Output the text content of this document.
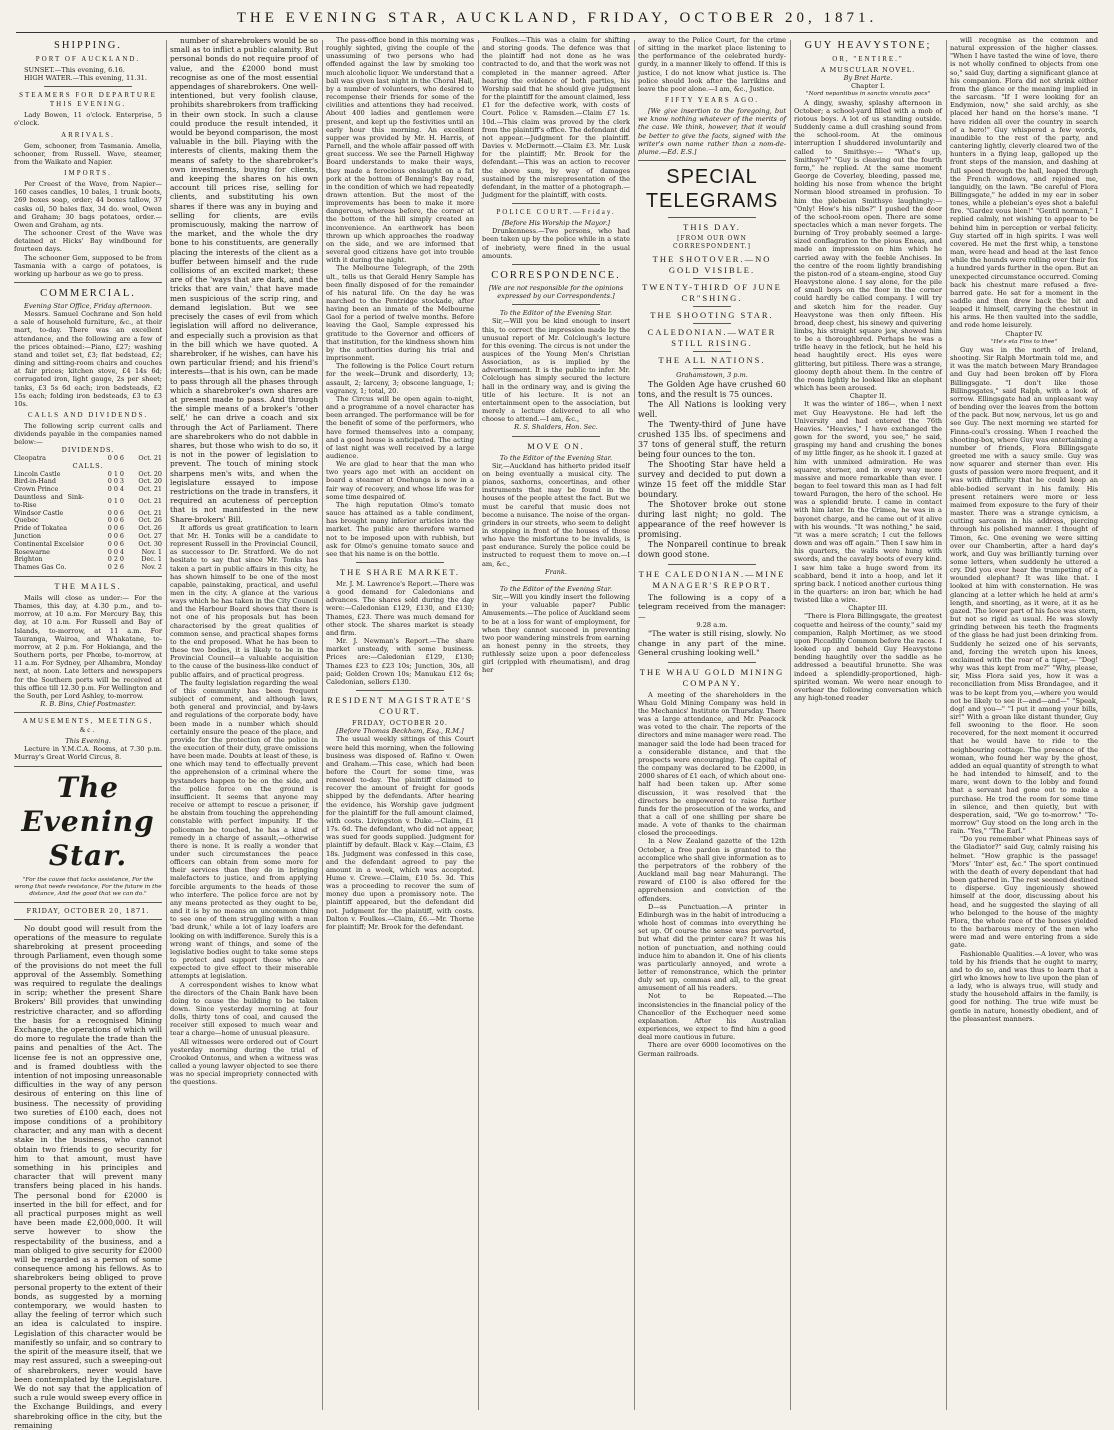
THE EVENING STAR, AUCKLAND, FRIDAY, OCTOBER 20, 1871.
SHIPPING.
PORT OF AUCKLAND.
SUNSET.—This evening, 6.16.
HIGH WATER.—This evening, 11.31.
STEAMERS FOR DEPARTURE THIS EVENING.
Lady Bowen, 11 o'clock. Enterprise, 5 o'clock.
ARRIVALS.
Gem, schooner, from Tasmania. Amelia, schooner, from Russell. Wave, steamer, from the Waikato and Napier.
IMPORTS.
Per Creest of the Wave, from Napier—160 cases candles, 10 bales, 1 trunk boots, 269 boxes soap, order; 44 boxes tallow, 37 casks oil, 50 bales flax, 34 do. wool, Owen and Graham; 30 bags potatoes, order.—Owen and Graham, ag nts.
The schooner Crest of the Wave was detained at Hicks' Bay windbound for fourteen days.
The schooner Gem, supposed to be from Tasmania with a cargo of potatoes, is working up harbour as we go to press.
COMMERCIAL.
Evening Star Office, Friday afternoon.
Messrs. Samuel Cochrane and Son held a sale of household furniture, &c., at their mart, to-day. There was an excellent attendance, and the following are a few of the prices obtained:—Piano, £27; washing stand and toilet set, £3; flat bedstead, £2; dining and sitting-room chairs and couches at fair prices; kitchen stove, £4 14s 6d; corrugated iron, light gauge, 2s per sheet; tanks, £3 5s 6d each; iron bedsteads, £2 15s each; folding iron bedsteads, £3 to £3 10s.
CALLS AND DIVIDENDS.
The following scrip current calls and dividends payable in the companies named below:—
DIVIDENDS.
Cleopatra	0 0 6	Oct. 21
CALLS.
Lincoln Castle	0 1 0	Oct. 20
Bird-in-Hand	0 0 3	Oct. 20
Crown Prince	0 0 4	Oct. 21
Dauntless and Sink-to-Rise	0 1 0	Oct. 21
Windsor Castle	0 0 6	Oct. 21
Quebec	0 0 6	Oct. 26
Pride of Tokatea	0 0 6	Oct. 26
Junction	0 0 6	Oct. 27
Continental Excelsior	0 0 6	Oct. 30
Rosewarne	0 0 4	Nov. 1
Brighton	0 2 0	Dec. 1
Thames Gas Co.	0 2 6	Nov. 2
THE MAILS.
Mails will close as under:— For the Thames, this day, at 4.30 p.m., and to-morrow, at 10 a.m. For Mercury Bay, this day, at 10 a.m. For Russell and Bay of Islands, to-morrow, at 11 a.m. For Tauranga, Wairoa, and Whakatane, to-morrow, at 2 p.m. For Hokianga, and the Southern ports, per Phœbe, to-morrow, at 11 a.m. For Sydney, per Alhambra, Monday next, at noon. Late letters and newspapers for the Southern ports will be received at this office till 12.30 p.m. For Wellington and the South, per Lord Ashley, to-morrow.
R. B. Bins, Chief Postmaster.
AMUSEMENTS, MEETINGS, &c.
This Evening.
Lecture in Y.M.C.A. Rooms, at 7.30 p.m. Murray's Great World Circus, 8.
The Evening Star.
"For the cause that lacks assistance, For the wrong that needs resistance, For the future in the distance, And the good that we can do."
FRIDAY, OCTOBER 20, 1871.
No doubt good will result from the operations of the measure to regulate sharebroking at present proceeding through Parliament, even though some of the provisions do not meet the full approval of the Assembly. Something was required to regulate the dealings in scrip; whether the present Share Brokers' Bill provides that unwinding restrictive character, and so affording the basis for a recognised Mining Exchange, the operations of which will do more to regulate the trade than the pains and penalties of the Act. The license fee is not an oppressive one, and is framed doubtless with the intention of not imposing unreasonable difficulties in the way of any person desirous of entering on this line of business. The necessity of providing two sureties of £100 each, does not impose conditions of a prohibitory character, and any man with a decent stake in the business, who cannot obtain two friends to go security for him to that amount, must have something in his principles and character that will prevent many transfers being placed in his hands. The personal bond for £2000 is inserted in the bill for effect, and for all practical purposes might as well have been made £2,000,000. It will serve however to show the respectability of the business, and a man obliged to give security for £2000 will be regarded as a person of some consequence among his fellows. As to sharebrokers being obliged to prove personal property to the extent of their bonds, as suggested by a morning contemporary, we would hasten to allay the feeling of terror which such an idea is calculated to inspire. Legislation of this character would be manifestly so unfair, and so contrary to the spirit of the measure itself, that we may rest assured, such a sweeping-out of sharebrokers, never would have been contemplated by the Legislature. We do not say that the application of such a rule would sweep every office in the Exchange Buildings, and every sharebroking office in the city, but the remaining
number of sharebrokers would be so small as to inflict a public calamity. But personal bonds do not require proof of value, and the £2000 bond must recognise as one of the most essential appendages of sharebrokers. One well-intentioned, but very foolish clause, prohibits sharebrokers from trafficking in their own stock. In such a clause could produce the result intended, it would be beyond comparison, the most valuable in the bill. Playing with the interests of clients, making them the means of safety to the sharebroker's own investments, buying for clients, and keeping the shares on his own account till prices rise, selling for clients, and substituting his own shares if there was any in buying and selling for clients, are evils promiscuously, making the narrow of the market, and the whole the dry bone to his constituents, are generally placing the interests of the client as a buffer between himself and the rude collisions of an excited market; these are of the 'ways that are dark, and the tricks that are vain,' that have made men suspicious of the scrip ring, and demand legislation. But we see precisely the cases of evil from which legislation will afford no deliverance, and especially such a provision as that in the bill which we have quoted. A sharebroker, if he wishes, can have his own particular friend; and his friend's interests—that is his own, can be made to pass through all the phases through which a sharebroker's own shares are at present made to pass. And through the simple means of a broker's 'other self,' he can drive a coach and six through the Act of Parliament. There are sharebrokers who do not dabble in shares, but those who wish to do so, it is not in the power of legislation to prevent. The touch of mining stock sharpens men's wits, and when the legislature essayed to impose restrictions on the trade in transfers, it required an acuteness of perception that is not manifested in the new Share-brokers' Bill.
It affords us great gratification to learn that Mr. H. Tonks will be a candidate to represent Russell in the Provincial Council, as successor to Dr. Stratford. We do not hesitate to say that since Mr. Tonks has taken a part in public affairs in this city, he has shown himself to be one of the most capable, painstaking, practical, and useful men in the city. A glance at the various ways which he has taken in the City Council and the Harbour Board shows that there is not one of his proposals but has been characterised by the great qualities of common sense, and practical shapes forms to the end proposed. What he has been to these two bodies, it is likely to be in the Provincial Council—a valuable acquisition to the cause of the business-like conduct of public affairs, and of practical progress.
The faulty legislation regarding the weal of this community has been frequent subject of comment, and although laws, both general and provincial, and by-laws and regulations of the corporate body, have been made in a number which should certainly ensure the peace of the place, and provide for the protection of the police in the execution of their duty, grave omissions have been made. Doubts at least of these, is one which may tend to effectually prevent the apprehension of a criminal where the bystanders happen to be on the side, and the police force on the ground is insufficient. It seems that anyone may receive or attempt to rescue a prisoner, if he abstain from touching the apprehending constable with perfect impunity. If the policeman be touched, he has a kind of remedy in a charge of assault,—otherwise there is none. It is really a wonder that under such circumstances the peace officers can obtain from some more for their services than they do in bringing malefactors to justice, and from applying forcible arguments to the heads of those who interfere. The police force are not by any means protected as they ought to be, and it is by no means an uncommon thing to see one of them struggling with a man 'bad drunk,' while a lot of lazy loafers are looking on with indifference. Surely this is a wrong want of things, and some of the legislative bodies ought to take some steps to protect and support those who are expected to give effect to their miserable attempts at legislation.
A correspondent wishes to know what the directors of the Chain Bank have been doing to cause the building to be taken down. Since yesterday morning at four dolls, thirty tons of coal, and caused the receiver still exposed to much wear and tear a charge—home of unusual pleasure.
All witnesses were ordered out of Court yesterday morning during the trial of Crooked Ontonus, and when a witness was called a young lawyer objected to see there was no special impropriety connected with the questions.
The pass-office bond in this morning was roughly sighted, giving the couple of the unassuming of two persons who had offended against the law by smoking too much alcoholic liquor. We understand that a ball was given last night in the Choral Hall, by a number of volunteers, who desired to recompense their friends for some of the civilities and attentions they had received. About 400 ladies and gentlemen were present, and kept up the festivities until an early hour this morning. An excellent supper was provided by Mr. H. Harris, of Parnell, and the whole affair passed off with great success. We see the Parnell Highway Board understands to make their ways, they made a ferocious onslaught on a fat pork at the bottom of Benning's Bay road, in the condition of which we had repeatedly drawn attention. But the most of the improvements has been to make it more dangerous, whereas before, the corner at the bottom of the hill simply created an inconvenience. An earthwork has been thrown up which approaches the roadway on the side, and we are informed that several good citizens have got into trouble with it during the night.
The Melbourne Telegraph, of the 29th ult., tells us that Gerald Henry Sample has been finally disposed of for the remainder of his natural life. On the day he was marched to the Pentridge stockade, after having been an inmate of the Melbourne Gaol for a period of twelve months. Before leaving the Gaol, Sample expressed his gratitude to the Governor and officers of that institution, for the kindness shown him by the authorities during his trial and imprisonment.
The following is the Police Court return for the week—Drunk and disorderly, 13; assault, 2; larceny, 3; obscene language, 1; vagrancy, 1; total, 20.
The Circus will be open again to-night, and a programme of a novel character has been arranged. The performance will be for the benefit of some of the performers, who have formed themselves into a company, and a good house is anticipated. The acting of last night was well received by a large audience.
We are glad to hear that the man who two years ago met with an accident on board a steamer at Onehunga is now in a fair way of recovery, and whose life was for some time despaired of.
The high reputation Olmo's tomato sauce has attained as a table condiment, has brought many inferior articles into the market. The public are therefore warned not to be imposed upon with rubbish, but ask for Olmo's genuine tomato sauce and see that his name is on the bottle.
THE SHARE MARKET.
Mr. J. M. Lawrence's Report.—There was a good demand for Caledonians and advances. The shares sold during the day were:—Caledonian £129, £130, and £130; Thames, £23. There was much demand for other stock. The shares market is steady and firm.
Mr. J. Newman's Report.—The share market unsteady, with some business. Prices are:—Caledonian £129, £130; Thames £23 to £23 10s; Junction, 30s, all paid; Golden Crown 10s; Manukau £12 6s; Caledonian, sellers £130.
RESIDENT MAGISTRATE'S COURT.
FRIDAY, OCTOBER 20.
[Before Thomas Beckham, Esq., R.M.]
The usual weekly sittings of this Court were held this morning, when the following business was disposed of. Rafino v. Owen and Graham.—This case, which had been before the Court for some time, was renewed to-day. The plaintiff claimed to recover the amount of freight for goods shipped by the defendants. After hearing the evidence, his Worship gave judgment for the plaintiff for the full amount claimed, with costs. Livingston v. Duke.—Claim, £1 17s. 6d. The defendant, who did not appear, was sued for goods supplied. Judgment for plaintiff by default. Black v. Kay.—Claim, £3 18s. Judgment was confessed in this case, and the defendant agreed to pay the amount in a week, which was accepted. Hume v. Crewe.—Claim, £10 5s. 3d. This was a proceeding to recover the sum of money due upon a promissory note. The plaintiff appeared, but the defendant did not. Judgment for the plaintiff, with costs. Dalton v. Foulkes.—Claim, £6.—Mr. Thorne for plaintiff; Mr. Brook for the defendant.
Foulkes.—This was a claim for shifting and storing goods. The defence was that the plaintiff had not done as he was contracted to do, and that the work was not completed in the manner agreed. After hearing the evidence of both parties, his Worship said that he should give judgment for the plaintiff for the amount claimed, less £1 for the defective work, with costs of Court. Police v. Ramsden.—Claim £7 1s. 10d.—This claim was proved by the clerk from the plaintiff's office. The defendant did not appear.—Judgment for the plaintiff. Davies v. McDermott.—Claim £3. Mr. Lusk for the plaintiff; Mr. Brook for the defendant.—This was an action to recover the above sum, by way of damages sustained by the misrepresentation of the defendant, in the matter of a photograph.—Judgment for the plaintiff, with costs.
POLICE COURT.—Friday.
[Before His Worship the Mayor.]
Drunkenness.—Two persons, who had been taken up by the police while in a state of inebriety, were fined in the usual amounts.
CORRESPONDENCE.
[We are not responsible for the opinions expressed by our Correspondents.]
To the Editor of the Evening Star.
Sir,—Will you be kind enough to insert this, to correct the impression made by the unusual report of Mr. Colclough's lecture for this evening. The circus is not under the auspices of the Young Men's Christian Association, as is implied by the advertisement. It is the public to infer. Mr. Colclough has simply secured the lecture hall in the ordinary way, and is giving the title of his lecture. It is not an entertainment open to the association, but merely a lecture delivered to all who choose to attend.—I am, &c.,
R. S. Shalders, Hon. Sec.
MOVE ON.
To the Editor of the Evening Star.
Sir,—Auckland has hitherto prided itself on being eventually a musical city. The pianos, saxhorns, concertinas, and other instruments that may be found in the houses of the people attest the fact. But we must be careful that music does not become a nuisance. The noise of the organ-grinders in our streets, who seem to delight in stopping in front of the houses of those who have the misfortune to be invalids, is past endurance. Surely the police could be instructed to request them to move on.—I am, &c.,
Frank.
To the Editor of the Evening Star.
Sir,—Will you kindly insert the following in your valuable paper? Public Amusements.—The police of Auckland seem to be at a loss for want of employment, for when they cannot succeed in preventing two poor wandering minstrels from earning an honest penny in the streets, they ruthlessly seize upon a poor defenceless girl (crippled with rheumatism), and drag her
away to the Police Court, for the crime of sitting in the market place listening to the performance of the celebrated hurdy-gurdy, in a manner likely to offend. If this is justice, I do not know what justice is. The police should look after the larrikins and leave the poor alone.—I am, &c., Justice.
FIFTY YEARS AGO.
[We give insertion to the foregoing, but we know nothing whatever of the merits of the case. We think, however, that it would be better to give the facts, signed with the writer's own name rather than a nom-de-plume.—Ed. E.S.]
SPECIAL TELEGRAMS
THIS DAY.
[FROM OUR OWN CORRESPONDENT.]
THE SHOTOVER.—NO GOLD VISIBLE.
TWENTY-THIRD OF JUNE CR"SHING.
THE SHOOTING STAR.
CALEDONIAN.—WATER STILL RISING.
THE ALL NATIONS.
Grahamstown, 3 p.m.
The Golden Age have crushed 60 tons, and the result is 75 ounces.
The All Nations is looking very well.
The Twenty-third of June have crushed 135 lbs. of specimens and 37 tons of general stuff, the return being four ounces to the ton.
The Shooting Star have held a survey and decided to put down a winze 15 feet off the middle Star boundary.
The Shotover broke out stone during last night; no gold. The appearance of the reef however is promising.
The Nonpareil continue to break down good stone.
THE CALEDONIAN.—MINE MANAGER'S REPORT.
The following is a copy of a telegram received from the manager:—
9.28 a.m.
"The water is still rising, slowly. No change in any part of the mine. General crushing looking well."
THE WHAU GOLD MINING COMPANY.
A meeting of the shareholders in the Whau Gold Mining Company was held in the Mechanics' Institute on Thursday. There was a large attendance, and Mr. Peacock was voted to the chair. The reports of the directors and mine manager were read. The manager said the lode had been traced for a considerable distance, and that the prospects were encouraging. The capital of the company was declared to be £2000, in 2000 shares of £1 each, of which about one-half had been taken up. After some discussion, it was resolved that the directors be empowered to raise further funds for the prosecution of the works, and that a call of one shilling per share be made. A vote of thanks to the chairman closed the proceedings.
In a New Zealand gazette of the 12th October, a free pardon is granted to the accomplice who shall give information as to the perpetrators of the robbery of the Auckland mail bag near Mahurangi. The reward of £100 is also offered for the apprehension and conviction of the offenders.
D—ss Punctuation.—A printer in Edinburgh was in the habit of introducing a whole host of commas into everything he set up. Of course the sense was perverted, but what did the printer care? It was his notion of punctuation, and nothing could induce him to abandon it. One of his clients was particularly annoyed, and wrote a letter of remonstrance, which the printer duly set up, commas and all, to the great amusement of all his readers.
Not to be Repeated.—The inconsistencies in the financial policy of the Chancellor of the Exchequer need some explanation. After his Australian experiences, we expect to find him a good deal more cautious in future.
There are over 6000 locomotives on the German railroads.
GUY HEAVYSTONE;
OR, "ENTIRE."
A MUSCULAR NOVEL.
By Bret Harte.
Chapter I.
"Nord nepantibus in sanctis vinculis pocs"
A dingy, swashy, splashy afternoon in October; a school-yard filled with a mob of riotous boys. A lot of us standing outside. Suddenly came a dull crashing sound from the school-room. At the ominous interruption I shuddered involuntarily and called to Smithsye:— "What's up, Smithsye?" "Guy is cleaving out the fourth form," he replied. At the same moment George de Coverley, bleeding, passed me, holding his nose from whence the bright Norman blood streamed in profusion. To him the plebeian Smithsye laughingly:— "Only! How's his nibs?" I pushed the door of the school-room open. There are some spectacles which a man never forgets. The burning of Troy probably seemed a large-sized conflagration to the pious Eneas, and made an impression on him which he carried away with the feeble Anchises. In the centre of the room lightly brandishing the piston-rod of a steam-engine, stood Guy Heavystone alone. I say alone, for the pile of small boys on the floor in the corner could hardly be called company. I will try and sketch him for the reader. Guy Heavystone was then only fifteen. His broad, deep chest, his sinewy and quivering limbs, his straight square jaw, showed him to be a thoroughbred. Perhaps he was a trifle heavy in the fetlock, but he held his head haughtily erect. His eyes were glittering, but pitiless. There was a strange, gloomy depth about them. In the centre of the room lightly he looked like an elephant which has been aroused.
Chapter II.
It was the winter of 186—, when I next met Guy Heavystone. He had left the University and had entered the 76th Heavies. "Heavies," I have exchanged the gown for the sword, you see," he said, grasping my hand and crushing the bones of my little finger, as he shook it. I gazed at him with unmixed admiration. He was squarer, sterner, and in every way more massive and more remarkable than ever. I began to feel toward this man as I had felt toward Paragon, the hero of the school. He was a splendid brute. I came in contact with him later. In the Crimea, he was in a bayonet charge, and he came out of it alive with his wounds. "It was nothing," he said, "it was a mere scratch; I cut the fellows down and was off again." Then I saw him in his quarters, the walls were hung with swords, and the cavalry boots of every kind. I saw him take a huge sword from its scabbard, bend it into a hoop, and let it spring back. I noticed another curious thing in the quarters: an iron bar, which he had twisted like a wire.
Chapter III.
"There is Flora Billingsgate, the greatest coquette and heiress of the county," said my companion, Ralph Mortimer, as we stood upon Piccadilly Common before the races. I looked up and beheld Guy Heavystone bending haughtily over the saddle as he addressed a beautiful brunette. She was indeed a splendidly-proportioned, high-spirited woman. We were near enough to overhear the following conversation which any high-toned reader
will recognise as the common and natural expression of the higher classes. "When I have tasted the wine of love, there is not wholly confined to objects from one so," said Guy, darting a significant glance at his companion. Flora did not shrink either from the glance or the meaning implied in the sarcasm. "If I were looking for an Endymion, now," she said archly, as she placed her hand on the horse's mane. "I have ridden all over the country in search of a hero!" Guy whispered a few words, inaudible to the rest of the party, and cantering lightly, cleverly cleared two of the hunters in a flying leap, galloped up the front steps of the mansion, and dashing at full speed through the hall, leaped through the French windows, and rejoined me, languidly, on the lawn. "Be careful of Flora Billingsgate," he added in my ear in sober tones, while a plebeian's eyes shot a baleful fire. "Gardez vous bien!" "Gentil norman," I replied calmly, not wishing to appear to be behind him in perception or verbal felicity. Guy started off in high spirits. I was well covered. He met the first whip, a tenstone man, were head and head at the last fence while the hounds were rolling over their fox a hundred yards further in the open. But an unexpected circumstance occurred. Coming back his chestnut mare refused a five-barred gate. He sat for a moment in the saddle and then drew back the bit and leaped it himself, carrying the chestnut in his arms. He then vaulted into the saddle, and rode home leisurely.
Chapter IV.
"He's eta Fins to thee"
Guy was in the north of Ireland, shooting. Sir Ralph Mortmain told me, and it was the match between Mary Brandagee and Guy had been broken off by Flora Billingsgate. "I don't like those Billingsgates," said Ralph, with a look of sorrow. Ellingsgate had an unpleasant way of bending over the leaves from the bottom of the pack. But now, nervous, let us go and see Guy. The next morning we started for Finna-coul's crossing. When I reached the shooting-box, where Guy was entertaining a number of friends, Flora Billingsgate greeted me with a saucy smile. Guy was now squarer and sterner than ever. His gusts of passion were more frequent, and it was with difficulty that he could keep an able-bodied servant in his family. His present retainers were more or less maimed from exposure to the fury of their master. There was a strange cynicism, a cutting sarcasm in his address, piercing through his polished manner. I thought of Timon, &c. One evening we were sitting over our Chambertin, after a hard day's work, and Guy was brilliantly turning over some letters, when suddenly he uttered a cry. Did you ever hear the trumpeting of a wounded elephant? It was like that. I looked at him with consternation. He was glancing at a letter which he held at arm's length, and snorting, as it were, at it as he gazed. The lower part of his face was stern, but not so rigid as usual. He was slowly grinding between his teeth the fragments of the glass he had just been drinking from. Suddenly he seized one of his servants, and, forcing the wretch upon his knees, exclaimed with the roar of a tiger,— "Dog! why was this kept from me?" "Why, please, sir, Miss Flora said yes, how it was a reconciliation from Miss Brandagee, and it was to be kept from you,—where you would not be likely to see it—and—and—" "Speak, dog! and you—" "I put it among your bills, sir!" With a groan like distant thunder, Guy fell swooning to the floor. He soon recovered, for the next moment it occurred that he would have to ride to the neighbouring cottage. The presence of the woman, who found her way by the ghost, added an equal quantity of strength to what he had intended to himself, and to the mare, went down to the lobby and found that a servant had gone out to make a purchase. He trod the room for some time in silence, and then quietly, but with desperation, said, "We go to-morrow." "To-morrow" Guy stood on the long arch in the rain. "Yes," "The Earl."
"Do you remember what Phineas says of the Gladiator?" said Guy, calmly raising his helmet. "How graphic is the passage! 'Mors' 'Inter' est, &c." The sport continued with the death of every dependant that had been gathered in. The rest seemed destined to disperse. Guy ingeniously showed himself at the door, discussing about his head, and he suggested the slaying of all who belonged to the house of the mighty Flora, the whole race of the houses yielded to the barbarous mercy of the men who were mad and were entering from a side gate.
Fashionable Qualities.—A lover, who was told by his friends that he ought to marry, and to do so, and was thus to learn that a girl who knows how to live upon the plan of a lady, who is always true, will study and study the household affairs in the family, is good for nothing. The true wife must be gentle in nature, honestly obedient, and of the pleasantest manners.
